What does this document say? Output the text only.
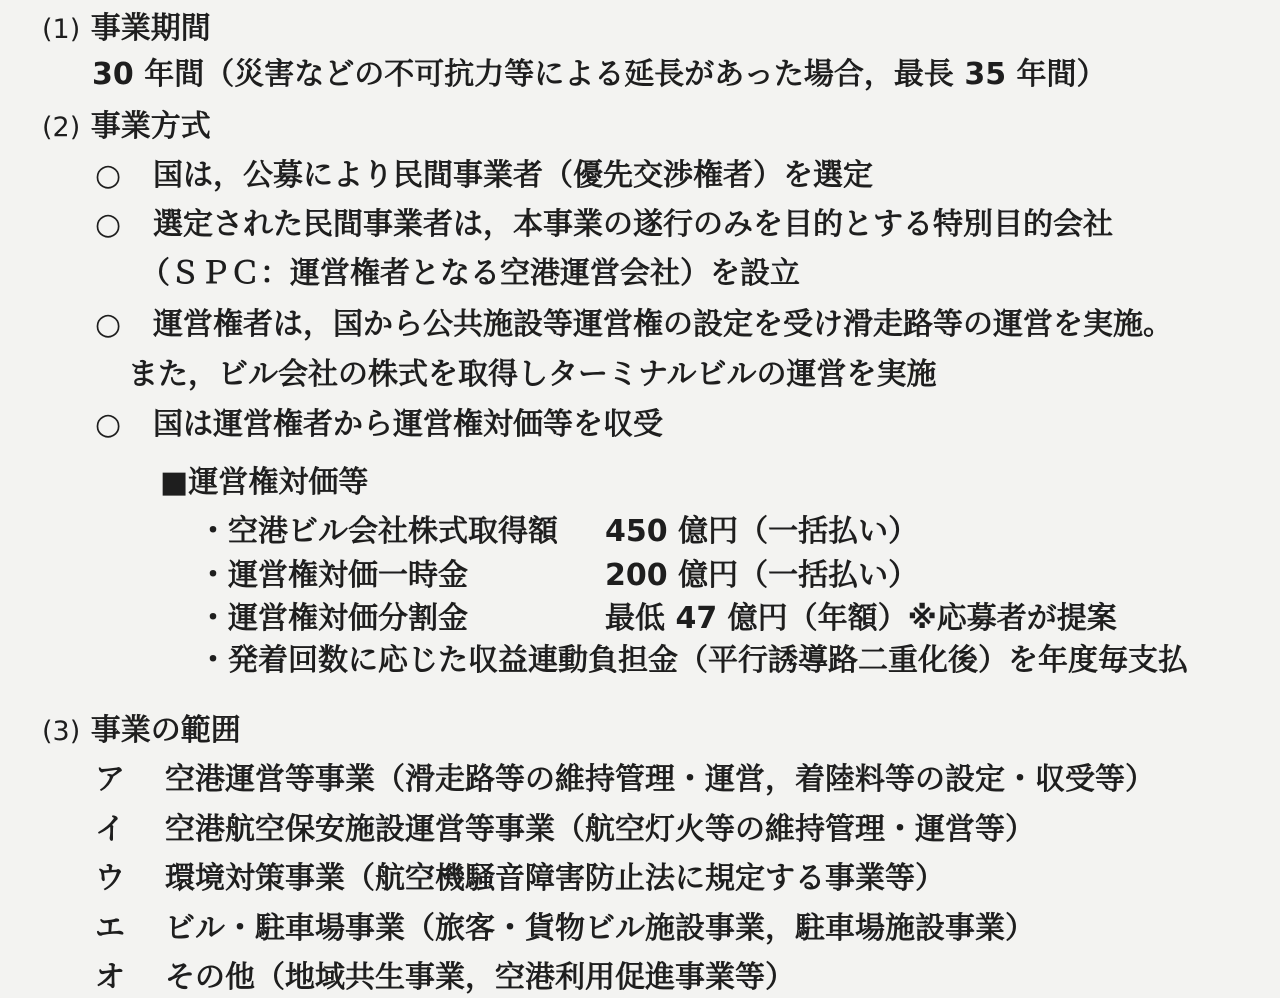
(1) 事業期間
30 年間（災害などの不可抗力等による延長があった場合，最長 35 年間）
(2) 事業方式
○ 国は，公募により民間事業者（優先交渉権者）を選定
○ 選定された民間事業者は，本事業の遂行のみを目的とする特別目的会社
（ＳＰＣ：運営権者となる空港運営会社）を設立
○ 運営権者は，国から公共施設等運営権の設定を受け滑走路等の運営を実施。
また，ビル会社の株式を取得しターミナルビルの運営を実施
○ 国は運営権者から運営権対価等を収受
■運営権対価等
・空港ビル会社株式取得額 450 億円（一括払い）
・運営権対価一時金	200 億円（一括払い）
・運営権対価分割金	最低 47 億円（年額）※応募者が提案
・発着回数に応じた収益連動負担金（平行誘導路二重化後）を年度毎支払
(3) 事業の範囲
ア 空港運営等事業（滑走路等の維持管理・運営，着陸料等の設定・収受等）
イ 空港航空保安施設運営等事業（航空灯火等の維持管理・運営等）
ウ 環境対策事業（航空機騒音障害防止法に規定する事業等）
エ ビル・駐車場事業（旅客・貨物ビル施設事業，駐車場施設事業）
オ その他（地域共生事業，空港利用促進事業等）
